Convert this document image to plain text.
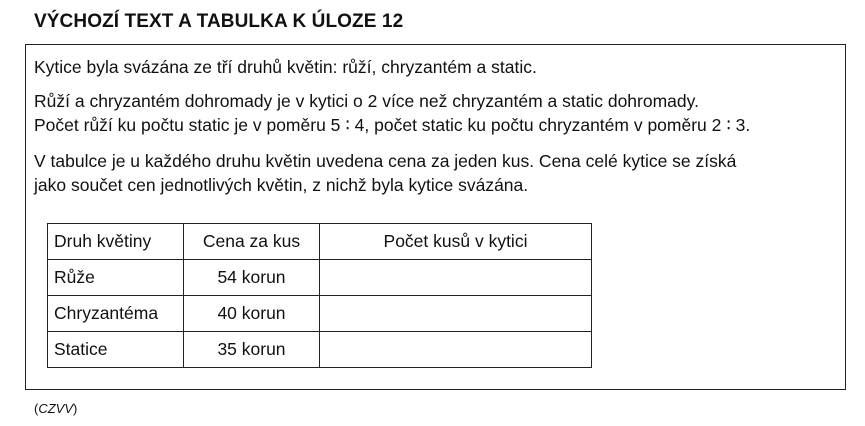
VÝCHOZÍ TEXT A TABULKA K ÚLOZE 12
Kytice byla svázána ze tří druhů květin: růží, chryzantém a static.
Růží a chryzantém dohromady je v kytici o 2 více než chryzantém a static dohromady.
Počet růží ku počtu static je v poměru 5 ∶ 4, počet static ku počtu chryzantém v poměru 2 ∶ 3.
V tabulce je u každého druhu květin uvedena cena za jeden kus. Cena celé kytice se získá
jako součet cen jednotlivých květin, z nichž byla kytice svázána.
Druh květiny	Cena za kus	Počet kusů v kytici
Růže	54 korun	
Chryzantéma	40 korun	
Statice	35 korun	
(CZVV)
